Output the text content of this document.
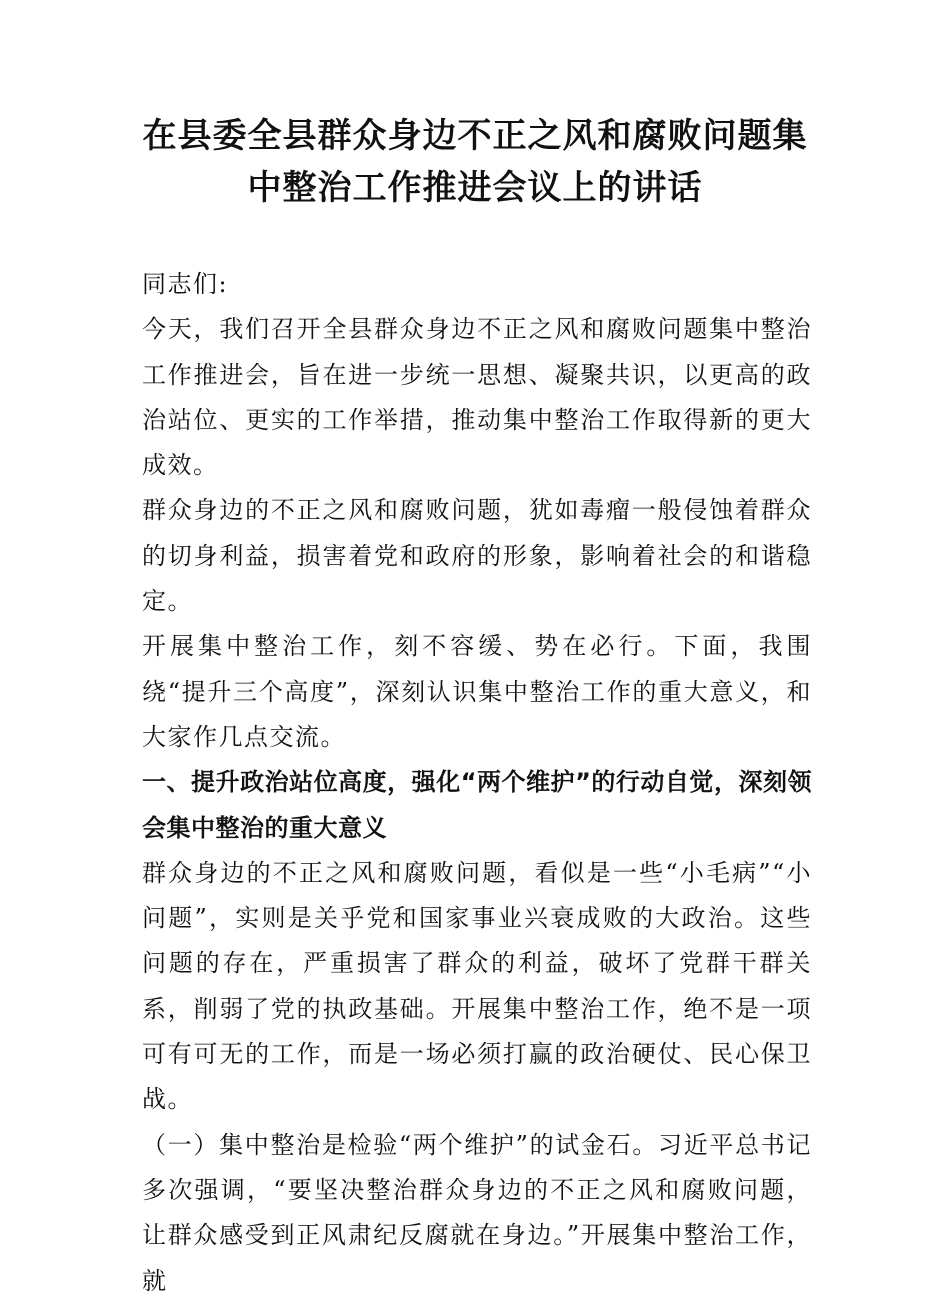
在县委全县群众身边不正之风和腐败问题集
中整治工作推进会议上的讲话

同志们:

今天，我们召开全县群众身边不正之风和腐败问题集中整治工作推进会，旨在进一步统一思想、凝聚共识，以更高的政治站位、更实的工作举措，推动集中整治工作取得新的更大成效。

群众身边的不正之风和腐败问题，犹如毒瘤一般侵蚀着群众的切身利益，损害着党和政府的形象，影响着社会的和谐稳定。

开展集中整治工作，刻不容缓、势在必行。下面，我围绕“提升三个高度”，深刻认识集中整治工作的重大意义，和大家作几点交流。

一、提升政治站位高度，强化“两个维护”的行动自觉，深刻领会集中整治的重大意义

群众身边的不正之风和腐败问题，看似是一些“小毛病”“小问题”，实则是关乎党和国家事业兴衰成败的大政治。这些问题的存在，严重损害了群众的利益，破坏了党群干群关系，削弱了党的执政基础。开展集中整治工作，绝不是一项可有可无的工作，而是一场必须打赢的政治硬仗、民心保卫战。

（一）集中整治是检验“两个维护”的试金石。习近平总书记多次强调，“要坚决整治群众身边的不正之风和腐败问题，让群众感受到正风肃纪反腐就在身边。”开展集中整治工作，就
